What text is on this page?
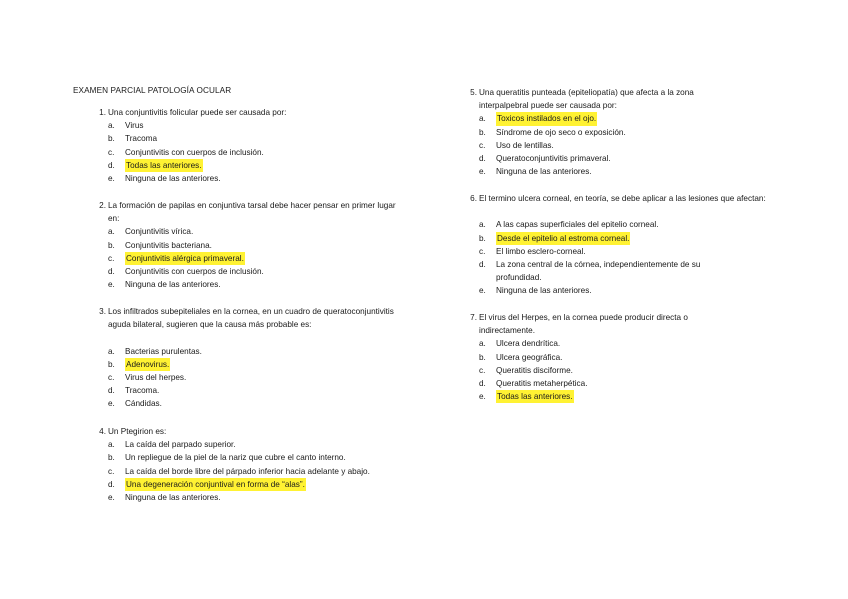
EXAMEN PARCIAL PATOLOGÍA OCULAR
1. Una conjuntivitis folicular puede ser causada por:
a. Virus
b. Tracoma
c. Conjuntivitis con cuerpos de inclusión.
d. Todas las anteriores.
e. Ninguna de las anteriores.
2. La formación de papilas en conjuntiva tarsal debe hacer pensar en primer lugar en:
a. Conjuntivitis vírica.
b. Conjuntivitis bacteriana.
c. Conjuntivitis alérgica primaveral.
d. Conjuntivitis con cuerpos de inclusión.
e. Ninguna de las anteriores.
3. Los infiltrados subepiteliales en la cornea, en un cuadro de queratoconjuntivitis aguda bilateral, sugieren que la causa más probable es:
a. Bacterias purulentas.
b. Adenovirus.
c. Virus del herpes.
d. Tracoma.
e. Cándidas.
4. Un Ptegirion es:
a. La caída del parpado superior.
b. Un repliegue de la piel de la nariz que cubre el canto interno.
c. La caída del borde libre del párpado inferior hacia adelante y abajo.
d. Una degeneración conjuntival en forma de “alas”.
e. Ninguna de las anteriores.
5. Una queratitis punteada (epiteliopatía) que afecta a la zona interpalpebral puede ser causada por:
a. Toxicos instilados en el ojo.
b. Síndrome de ojo seco o exposición.
c. Uso de lentillas.
d. Queratoconjuntivitis primaveral.
e. Ninguna de las anteriores.
6. El termino ulcera corneal, en teoría, se debe aplicar a las lesiones que afectan:
a. A las capas superficiales del epitelio corneal.
b. Desde el epitelio al estroma corneal.
c. El limbo esclero-corneal.
d. La zona central de la córnea, independientemente de su profundidad.
e. Ninguna de las anteriores.
7. El virus del Herpes, en la cornea puede producir directa o indirectamente.
a. Ulcera dendrítica.
b. Ulcera geográfica.
c. Queratitis disciforme.
d. Queratitis metaherpética.
e. Todas las anteriores.
